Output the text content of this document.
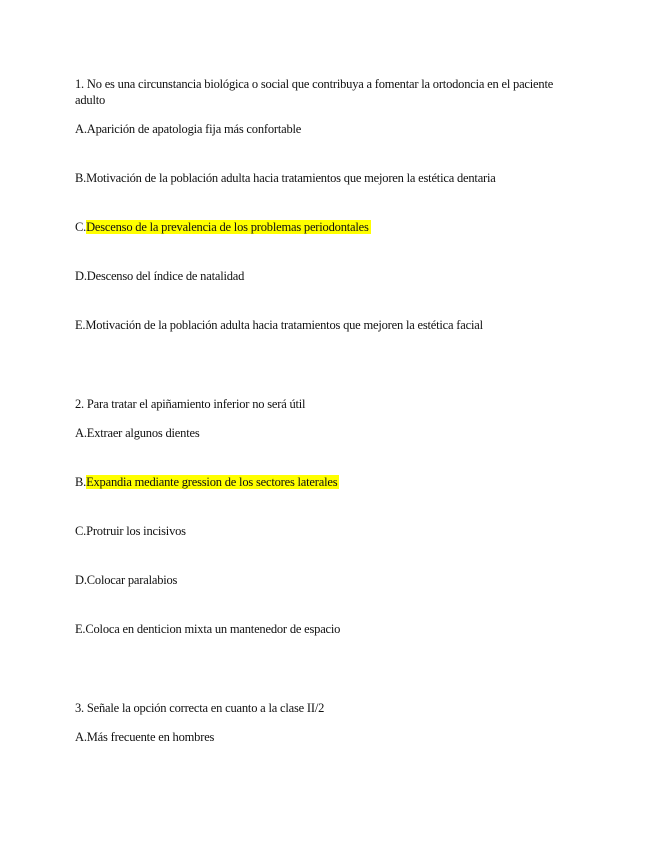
1. No es una circunstancia biológica o social que contribuya a fomentar la ortodoncia en el paciente adulto
A.Aparición de apatologia fija más confortable
B.Motivación de la población adulta hacia tratamientos que mejoren la estética dentaria
C.Descenso de la prevalencia de los problemas periodontales
D.Descenso del índice de natalidad
E.Motivación de la población adulta hacia tratamientos que mejoren la estética facial
2. Para tratar el apiñamiento inferior no será útil
A.Extraer algunos dientes
B.Expandia mediante gression de los sectores laterales
C.Protruir los incisivos
D.Colocar paralabios
E.Coloca en denticion mixta un mantenedor de espacio
3. Señale la opción correcta en cuanto a la clase II/2
A.Más frecuente en hombres
